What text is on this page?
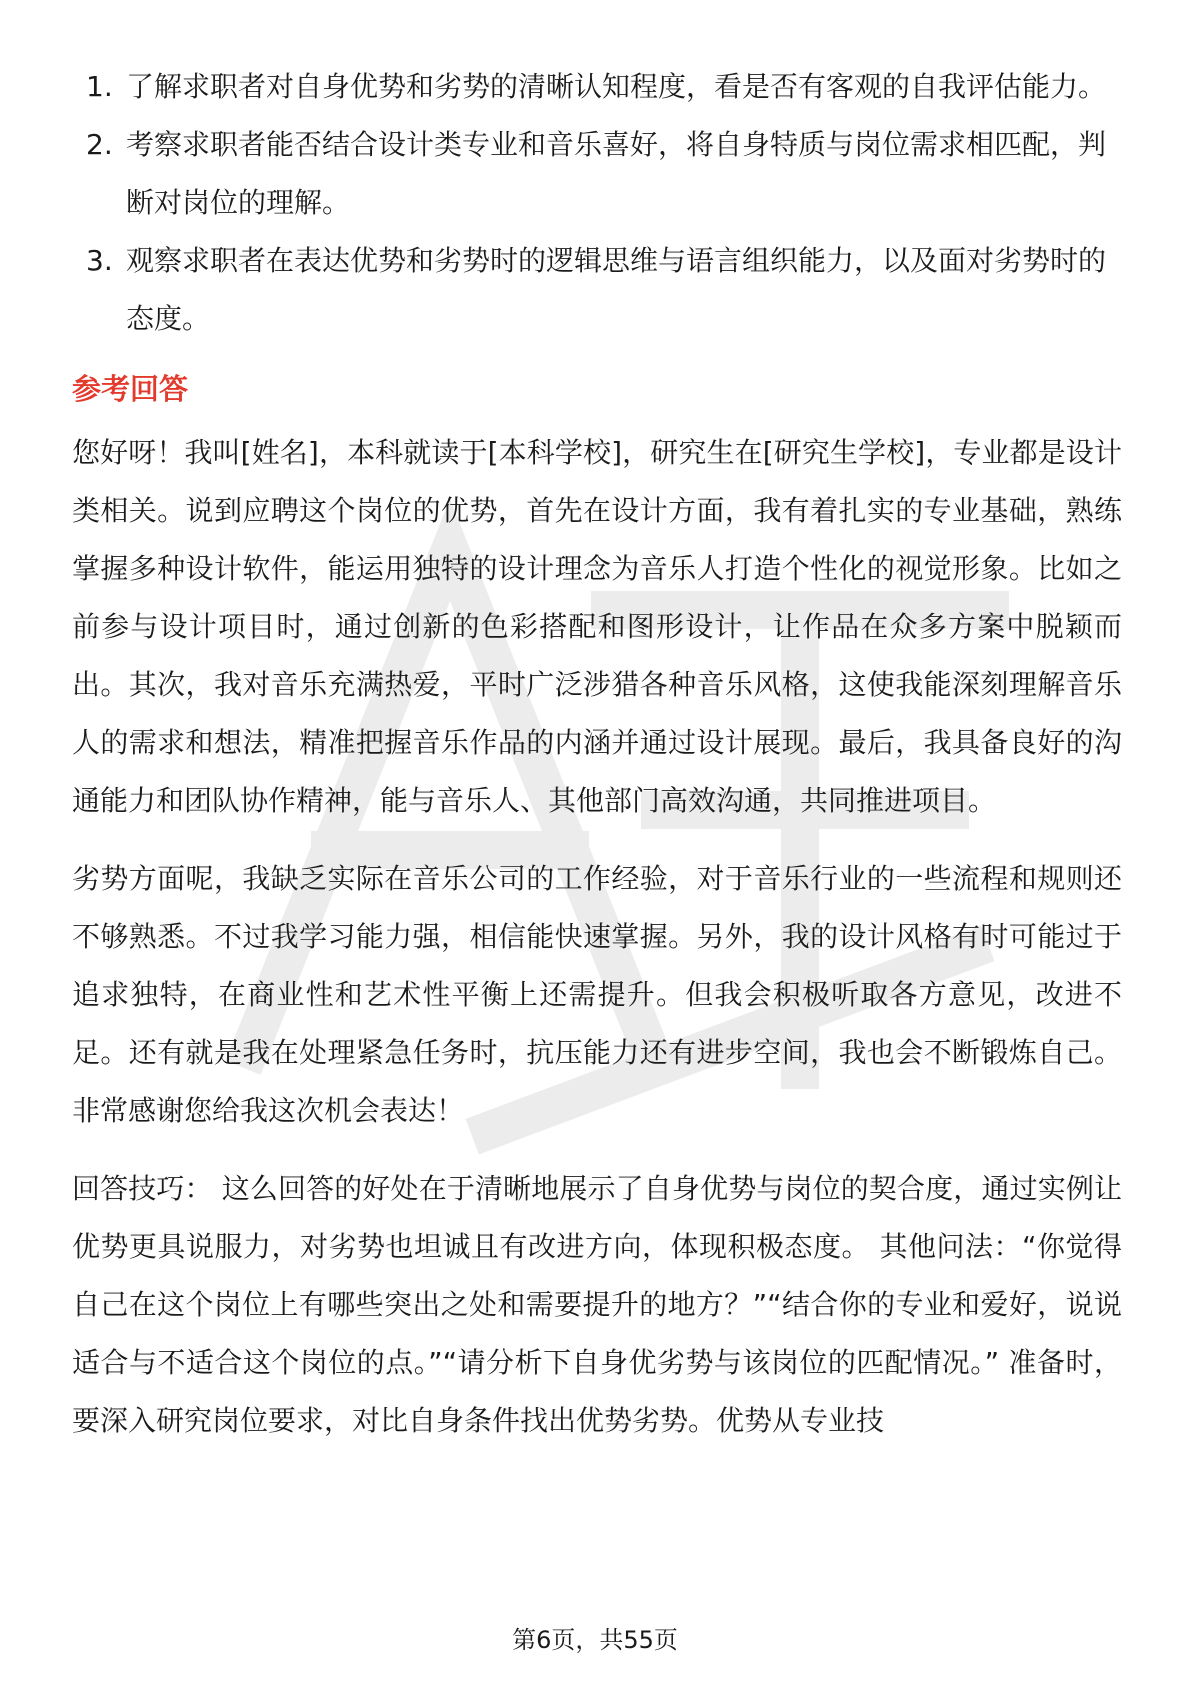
1. 了解求职者对自身优势和劣势的清晰认知程度，看是否有客观的自我评估能力。
2. 考察求职者能否结合设计类专业和音乐喜好，将自身特质与岗位需求相匹配，判断对岗位的理解。
3. 观察求职者在表达优势和劣势时的逻辑思维与语言组织能力，以及面对劣势时的态度。
参考回答

您好呀！我叫[姓名]，本科就读于[本科学校]，研究生在[研究生学校]，专业都是设计类相关。说到应聘这个岗位的优势，首先在设计方面，我有着扎实的专业基础，熟练掌握多种设计软件，能运用独特的设计理念为音乐人打造个性化的视觉形象。比如之前参与设计项目时，通过创新的色彩搭配和图形设计，让作品在众多方案中脱颖而出。其次，我对音乐充满热爱，平时广泛涉猎各种音乐风格，这使我能深刻理解音乐人的需求和想法，精准把握音乐作品的内涵并通过设计展现。最后，我具备良好的沟通能力和团队协作精神，能与音乐人、其他部门高效沟通，共同推进项目。

劣势方面呢，我缺乏实际在音乐公司的工作经验，对于音乐行业的一些流程和规则还不够熟悉。不过我学习能力强，相信能快速掌握。另外，我的设计风格有时可能过于追求独特，在商业性和艺术性平衡上还需提升。但我会积极听取各方意见，改进不足。还有就是我在处理紧急任务时，抗压能力还有进步空间，我也会不断锻炼自己。非常感谢您给我这次机会表达！

回答技巧： 这么回答的好处在于清晰地展示了自身优势与岗位的契合度，通过实例让优势更具说服力，对劣势也坦诚且有改进方向，体现积极态度。 其他问法：“你觉得自己在这个岗位上有哪些突出之处和需要提升的地方？”“结合你的专业和爱好，说说适合与不适合这个岗位的点。”“请分析下自身优劣势与该岗位的匹配情况。” 准备时，要深入研究岗位要求，对比自身条件找出优势劣势。优势从专业技

第6页，共55页
